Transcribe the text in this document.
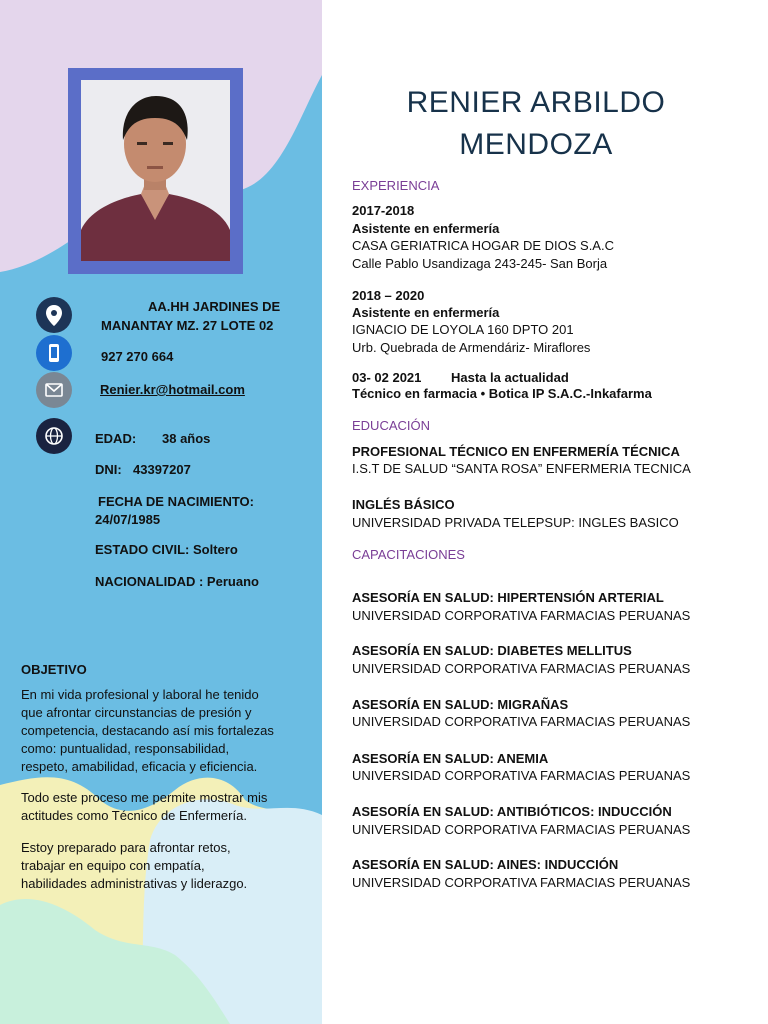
AA.HH JARDINES DE
MANANTAY MZ. 27 LOTE 02
927 270 664
Renier.kr@hotmail.com
EDAD: 38 años
DNI: 43397207
FECHA DE NACIMIENTO:
24/07/1985
ESTADO CIVIL: Soltero
NACIONALIDAD : Peruano
OBJETIVO
En mi vida profesional y laboral he tenido
que afrontar circunstancias de presión y
competencia, destacando así mis fortalezas
como: puntualidad, responsabilidad,
respeto, amabilidad, eficacia y eficiencia.
Todo este proceso me permite mostrar mis
actitudes como Técnico de Enfermería.
Estoy preparado para afrontar retos,
trabajar en equipo con empatía,
habilidades administrativas y liderazgo.
RENIER ARBILDO
MENDOZA
EXPERIENCIA
2017-2018
Asistente en enfermería
CASA GERIATRICA HOGAR DE DIOS S.A.C
Calle Pablo Usandizaga 243-245- San Borja
2018 – 2020
Asistente en enfermería
IGNACIO DE LOYOLA 160 DPTO 201
Urb. Quebrada de Armendáriz- Miraflores
03- 02 2021 Hasta la actualidad
Técnico en farmacia • Botica IP S.A.C.-Inkafarma
EDUCACIÓN
PROFESIONAL TÉCNICO EN ENFERMERÍA TÉCNICA
I.S.T DE SALUD “SANTA ROSA” ENFERMERIA TECNICA
INGLÉS BÁSICO
UNIVERSIDAD PRIVADA TELEPSUP: INGLES BASICO
CAPACITACIONES
ASESORÍA EN SALUD: HIPERTENSIÓN ARTERIAL
UNIVERSIDAD CORPORATIVA FARMACIAS PERUANAS
ASESORÍA EN SALUD: DIABETES MELLITUS
UNIVERSIDAD CORPORATIVA FARMACIAS PERUANAS
ASESORÍA EN SALUD: MIGRAÑAS
UNIVERSIDAD CORPORATIVA FARMACIAS PERUANAS
ASESORÍA EN SALUD: ANEMIA
UNIVERSIDAD CORPORATIVA FARMACIAS PERUANAS
ASESORÍA EN SALUD: ANTIBIÓTICOS: INDUCCIÓN
UNIVERSIDAD CORPORATIVA FARMACIAS PERUANAS
ASESORÍA EN SALUD: AINES: INDUCCIÓN
UNIVERSIDAD CORPORATIVA FARMACIAS PERUANAS
